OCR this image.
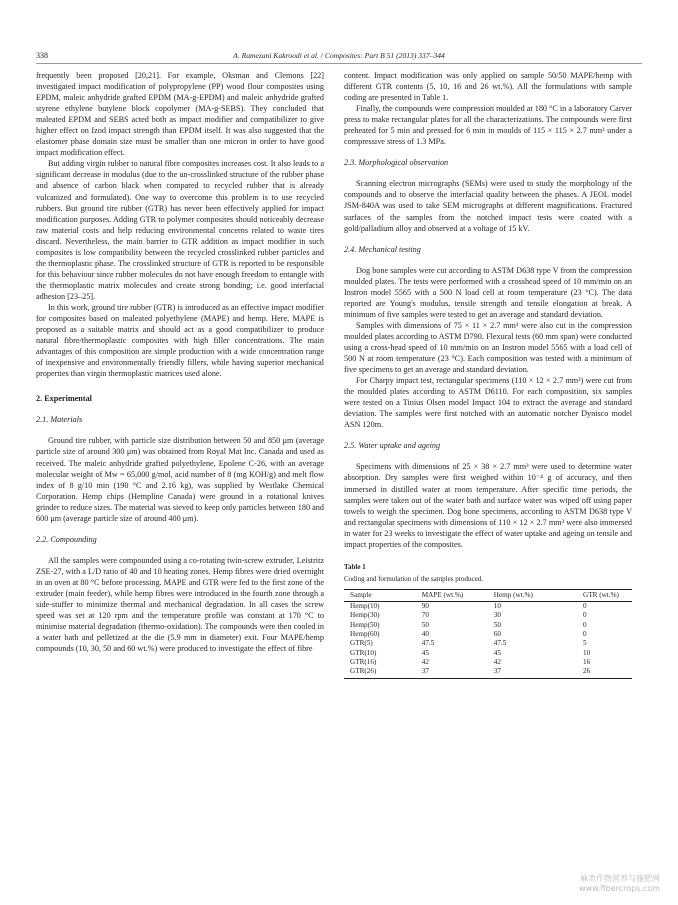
338	A. Ramezani Kakroodi et al. / Composites: Part B 51 (2013) 337–344

frequently been proposed [20,21]. For example, Oksman and Clemons [22] investigated impact modification of polypropylene (PP) wood flour composites using EPDM, maleic anhydride grafted EPDM (MA-g-EPDM) and maleic anhydride grafted styrene ethylene butylene block copolymer (MA-g-SEBS). They concluded that maleated EPDM and SEBS acted both as impact modifier and compatibilizer to give higher effect on Izod impact strength than EPDM itself. It was also suggested that the elastomer phase domain size must be smaller than one micron in order to have good impact modification effect.

But adding virgin rubber to natural fibre composites increases cost. It also leads to a significant decrease in modulus (due to the un-crosslinked structure of the rubber phase and absence of carbon black when compared to recycled rubber that is already vulcanized and formulated). One way to overcome this problem is to use recycled rubbers. But ground tire rubber (GTR) has never been effectively applied for impact modification purposes. Adding GTR to polymer composites should noticeably decrease raw material costs and help reducing environmental concerns related to waste tires discard. Nevertheless, the main barrier to GTR addition as impact modifier in such composites is low compatibility between the recycled crosslinked rubber particles and the thermoplastic phase. The crosslinked structure of GTR is reported to be responsible for this behaviour since rubber molecules do not have enough freedom to entangle with the thermoplastic matrix molecules and create strong bonding; i.e. good interfacial adhesion [23–25].

In this work, ground tire rubber (GTR) is introduced as an effective impact modifier for composites based on maleated polyethylene (MAPE) and hemp. Here, MAPE is proposed as a suitable matrix and should act as a good compatibilizer to produce natural fibre/thermoplastic composites with high filler concentrations. The main advantages of this composition are simple production with a wide concentration range of inexpensive and environmentally friendly fillers, while having superior mechanical properties than virgin thermoplastic matrices used alone.

2. Experimental
2.1. Materials

Ground tire rubber, with particle size distribution between 50 and 850 μm (average particle size of around 300 μm) was obtained from Royal Mat Inc. Canada and used as received. The maleic anhydride grafted polyethylene, Epolene C-26, with an average molecular weight of Mw = 65,000 g/mol, acid number of 8 (mg KOH/g) and melt flow index of 8 g/10 min (190 °C and 2.16 kg), was supplied by Westlake Chemical Corporation. Hemp chips (Hempline Canada) were ground in a rotational knives grinder to reduce sizes. The material was sieved to keep only particles between 180 and 600 μm (average particle size of around 400 μm).

2.2. Compounding

All the samples were compounded using a co-rotating twin-screw extruder, Leistritz ZSE-27, with a L/D ratio of 40 and 10 heating zones. Hemp fibres were dried overnight in an oven at 80 °C before processing. MAPE and GTR were fed to the first zone of the extruder (main feeder), while hemp fibres were introduced in the fourth zone through a side-stuffer to minimize thermal and mechanical degradation. In all cases the screw speed was set at 120 rpm and the temperature profile was constant at 170 °C to minimise material degradation (thermo-oxidation). The compounds were then cooled in a water bath and pelletized at the die (5.9 mm in diameter) exit. Four MAPE/hemp compounds (10, 30, 50 and 60 wt.%) were produced to investigate the effect of fibre

content. Impact modification was only applied on sample 50/50 MAPE/hemp with different GTR contents (5, 10, 16 and 26 wt.%). All the formulations with sample coding are presented in Table 1.

Finally, the compounds were compression moulded at 180 °C in a laboratory Carver press to make rectangular plates for all the characterizations. The compounds were first preheated for 5 min and pressed for 6 min in moulds of 115 × 115 × 2.7 mm³ under a compressive stress of 1.3 MPa.

2.3. Morphological observation

Scanning electron micrographs (SEMs) were used to study the morphology of the compounds and to observe the interfacial quality between the phases. A JEOL model JSM-840A was used to take SEM micrographs at different magnifications. Fractured surfaces of the samples from the notched impact tests were coated with a gold/palladium alloy and observed at a voltage of 15 kV.

2.4. Mechanical testing

Dog bone samples were cut according to ASTM D638 type V from the compression moulded plates. The tests were performed with a crosshead speed of 10 mm/min on an Instron model 5565 with a 500 N load cell at room temperature (23 °C). The data reported are Young's modulus, tensile strength and tensile elongation at break. A minimum of five samples were tested to get an average and standard deviation.

Samples with dimensions of 75 × 11 × 2.7 mm³ were also cut in the compression moulded plates according to ASTM D790. Flexural tests (60 mm span) were conducted using a cross-head speed of 10 mm/min on an Instron model 5565 with a load cell of 500 N at room temperature (23 °C). Each composition was tested with a minimum of five specimens to get an average and standard deviation.

For Charpy impact test, rectangular specimens (110 × 12 × 2.7 mm³) were cut from the moulded plates according to ASTM D6110. For each composition, six samples were tested on a Tinius Olsen model Impact 104 to extract the average and standard deviation. The samples were first notched with an automatic notcher Dynisco model ASN 120m.

2.5. Water uptake and ageing

Specimens with dimensions of 25 × 38 × 2.7 mm³ were used to determine water absorption. Dry samples were first weighed within 10⁻⁴ g of accuracy, and then immersed in distilled water at room temperature. After specific time periods, the samples were taken out of the water bath and surface water was wiped off using paper towels to weigh the specimen. Dog bone specimens, according to ASTM D638 type V and rectangular specimens with dimensions of 110 × 12 × 2.7 mm³ were also immersed in water for 23 weeks to investigate the effect of water uptake and ageing on tensile and impact properties of the composites.

Table 1
Coding and formulation of the samples produced.
Sample	MAPE (wt.%)	Hemp (wt.%)	GTR (wt.%)
Hemp(10)	90	10	0
Hemp(30)	70	30	0
Hemp(50)	50	50	0
Hemp(60)	40	60	0
GTR(5)	47.5	47.5	5
GTR(10)	45	45	10
GTR(16)	42	42	16
GTR(26)	37	37	26
麻类作物营养与施肥网
www.fibercrops.com
